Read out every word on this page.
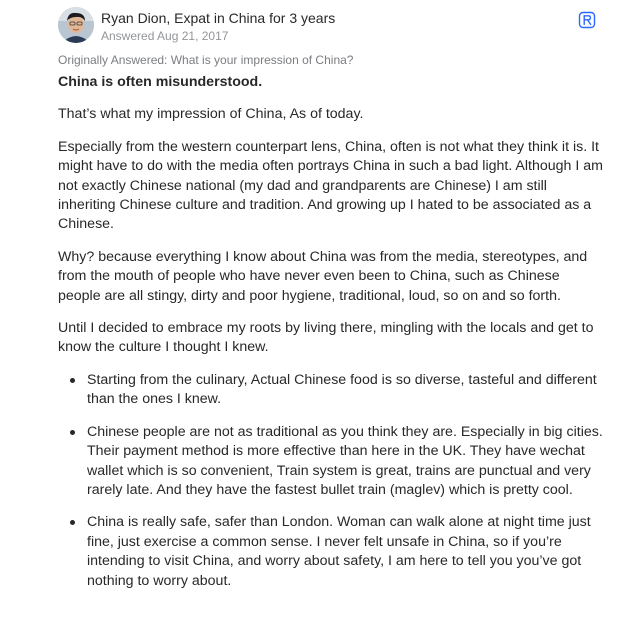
Ryan Dion, Expat in China for 3 years
Answered Aug 21, 2017
Originally Answered: What is your impression of China?

China is often misunderstood.

That’s what my impression of China, As of today.

Especially from the western counterpart lens, China, often is not what they think it is. It might have to do with the media often portrays China in such a bad light. Although I am not exactly Chinese national (my dad and grandparents are Chinese) I am still inheriting Chinese culture and tradition. And growing up I hated to be associated as a Chinese.

Why? because everything I know about China was from the media, stereotypes, and from the mouth of people who have never even been to China, such as Chinese people are all stingy, dirty and poor hygiene, traditional, loud, so on and so forth.

Until I decided to embrace my roots by living there, mingling with the locals and get to know the culture I thought I knew.

Starting from the culinary, Actual Chinese food is so diverse, tasteful and different than the ones I knew.
Chinese people are not as traditional as you think they are. Especially in big cities. Their payment method is more effective than here in the UK. They have wechat wallet which is so convenient, Train system is great, trains are punctual and very rarely late. And they have the fastest bullet train (maglev) which is pretty cool.
China is really safe, safer than London. Woman can walk alone at night time just fine, just exercise a common sense. I never felt unsafe in China, so if you’re intending to visit China, and worry about safety, I am here to tell you you’ve got nothing to worry about.
